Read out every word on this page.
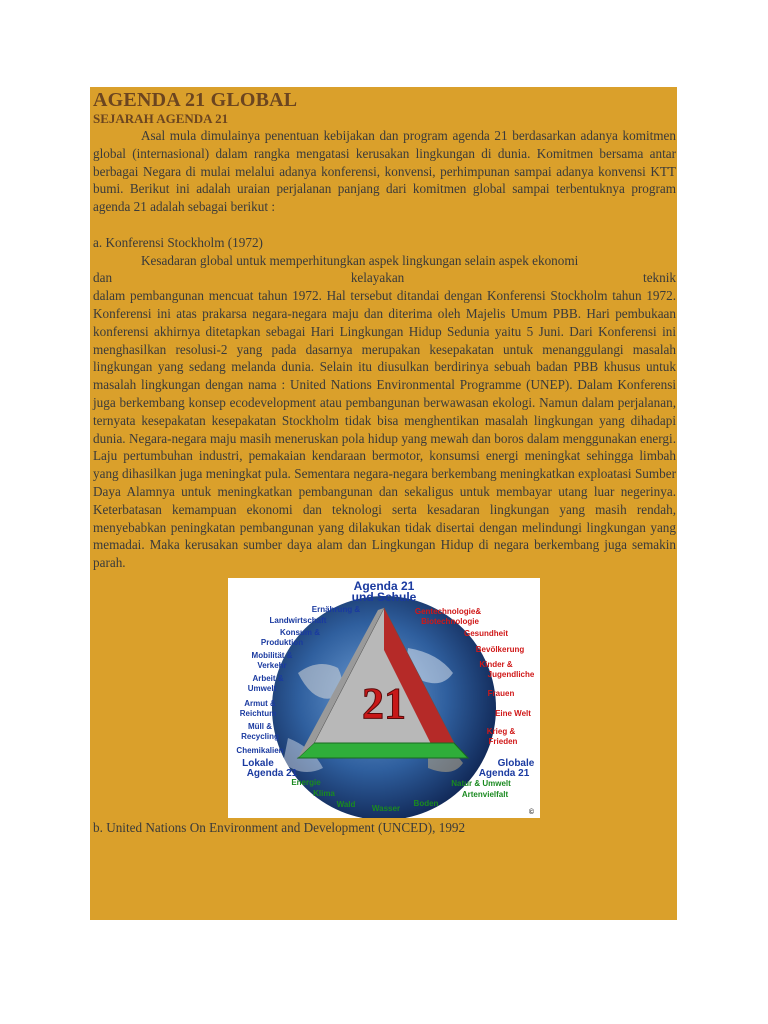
AGENDA 21 GLOBAL
SEJARAH AGENDA 21

Asal mula dimulainya penentuan kebijakan dan program agenda 21 berdasarkan adanya komitmen global (internasional) dalam rangka mengatasi kerusakan lingkungan di dunia. Komitmen bersama antar berbagai Negara di mulai melalui adanya konferensi, konvensi, perhimpunan sampai adanya konvensi KTT bumi. Berikut ini adalah uraian perjalanan panjang dari komitmen global sampai terbentuknya program agenda 21 adalah sebagai berikut :

a. Konferensi Stockholm (1972)

Kesadaran global untuk memperhitungkan aspek lingkungan selain aspek ekonomi

dan	kelayakan	teknik

dalam pembangunan mencuat tahun 1972. Hal tersebut ditandai dengan Konferensi Stockholm tahun 1972. Konferensi ini atas prakarsa negara-negara maju dan diterima oleh Majelis Umum PBB. Hari pembukaan konferensi akhirnya ditetapkan sebagai Hari Lingkungan Hidup Sedunia yaitu 5 Juni. Dari Konferensi ini menghasilkan resolusi-2 yang pada dasarnya merupakan kesepakatan untuk menanggulangi masalah lingkungan yang sedang melanda dunia. Selain itu diusulkan berdirinya sebuah badan PBB khusus untuk masalah lingkungan dengan nama : United Nations Environmental Programme (UNEP). Dalam Konferensi juga berkembang konsep ecodevelopment atau pembangunan berwawasan ekologi. Namun dalam perjalanan, ternyata kesepakatan kesepakatan Stockholm tidak bisa menghentikan masalah lingkungan yang dihadapi dunia. Negara-negara maju masih meneruskan pola hidup yang mewah dan boros dalam menggunakan energi. Laju pertumbuhan industri, pemakaian kendaraan bermotor, konsumsi energi meningkat sehingga limbah yang dihasilkan juga meningkat pula. Sementara negara-negara berkembang meningkatkan exploatasi Sumber Daya Alamnya untuk meningkatkan pembangunan dan sekaligus untuk membayar utang luar negerinya. Keterbatasan kemampuan ekonomi dan teknologi serta kesadaran lingkungan yang masih rendah, menyebabkan peningkatan pembangunan yang dilakukan tidak disertai dengan melindungi lingkungan yang memadai. Maka kerusakan sumber daya alam dan Lingkungan Hidup di negara berkembang juga semakin parah.

21
Agenda 21
und Schule
Ernährung &
Landwirtschaft
Konsum &
Produktion
Mobilität &
Verkehr
Arbeit &
Umwelt
Armut &
Reichtum
Müll &
Recycling
Chemikalien
Gentechnologie&
Biotechnologie
Gesundheit
Bevölkerung
Kinder &
Jugendliche
Frauen
Eine Welt
Krieg &
Frieden
Lokale
Agenda 21
Globale
Agenda 21
Energie
Klima
Wald Wasser
Boden
Natur & Umwelt
Artenvielfalt
©

b. United Nations On Environment and Development (UNCED), 1992
